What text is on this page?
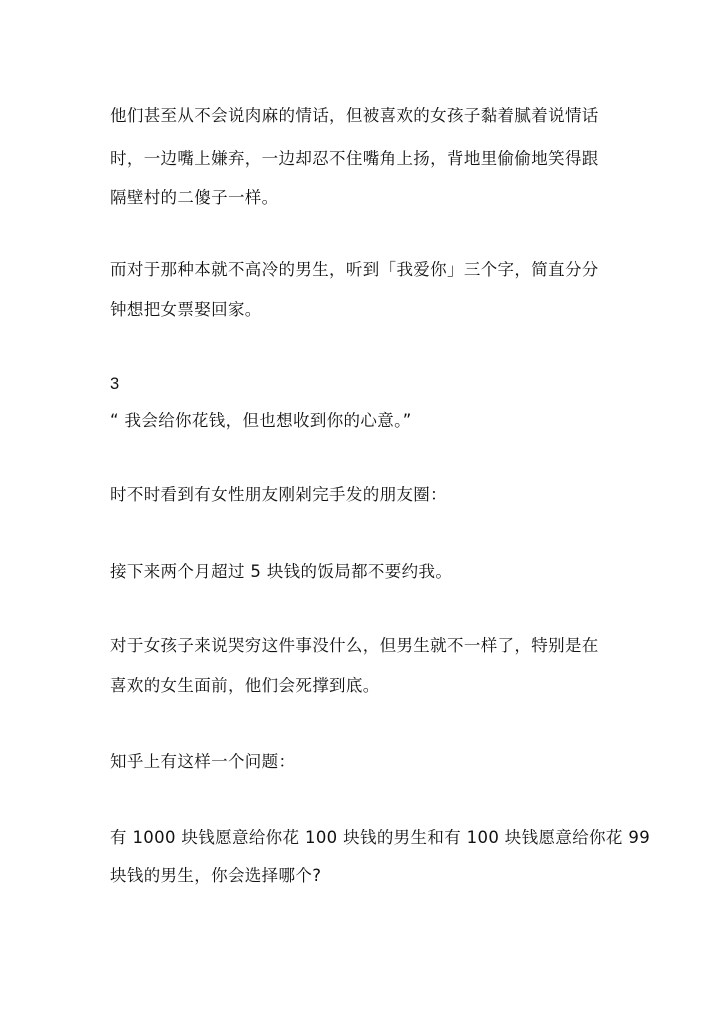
他们甚至从不会说肉麻的情话，但被喜欢的女孩子黏着腻着说情话
时，一边嘴上嫌弃，一边却忍不住嘴角上扬，背地里偷偷地笑得跟
隔壁村的二傻子一样。
而对于那种本就不高冷的男生，听到「我爱你」三个字，简直分分
钟想把女票娶回家。
3
“ 我会给你花钱，但也想收到你的心意。”
时不时看到有女性朋友刚剁完手发的朋友圈：
接下来两个月超过 5 块钱的饭局都不要约我。
对于女孩子来说哭穷这件事没什么，但男生就不一样了，特别是在
喜欢的女生面前，他们会死撑到底。
知乎上有这样一个问题：
有 1000 块钱愿意给你花 100 块钱的男生和有 100 块钱愿意给你花 99
块钱的男生，你会选择哪个?
